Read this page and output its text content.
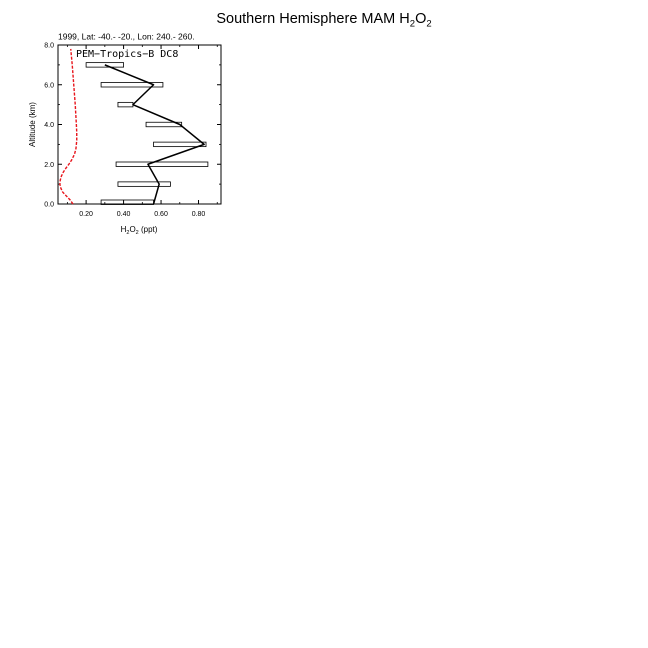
Southern Hemisphere MAM $H_2O_2$
1999, Lat: -40.- -20., Lon: 240.- 260.
0.20	0.40	0.60	0.80
0.0
2.0
4.0
6.0
8.0
PEM−Tropics−B DC8
$H_2O_2$ (ppt)
Altitude (km)
